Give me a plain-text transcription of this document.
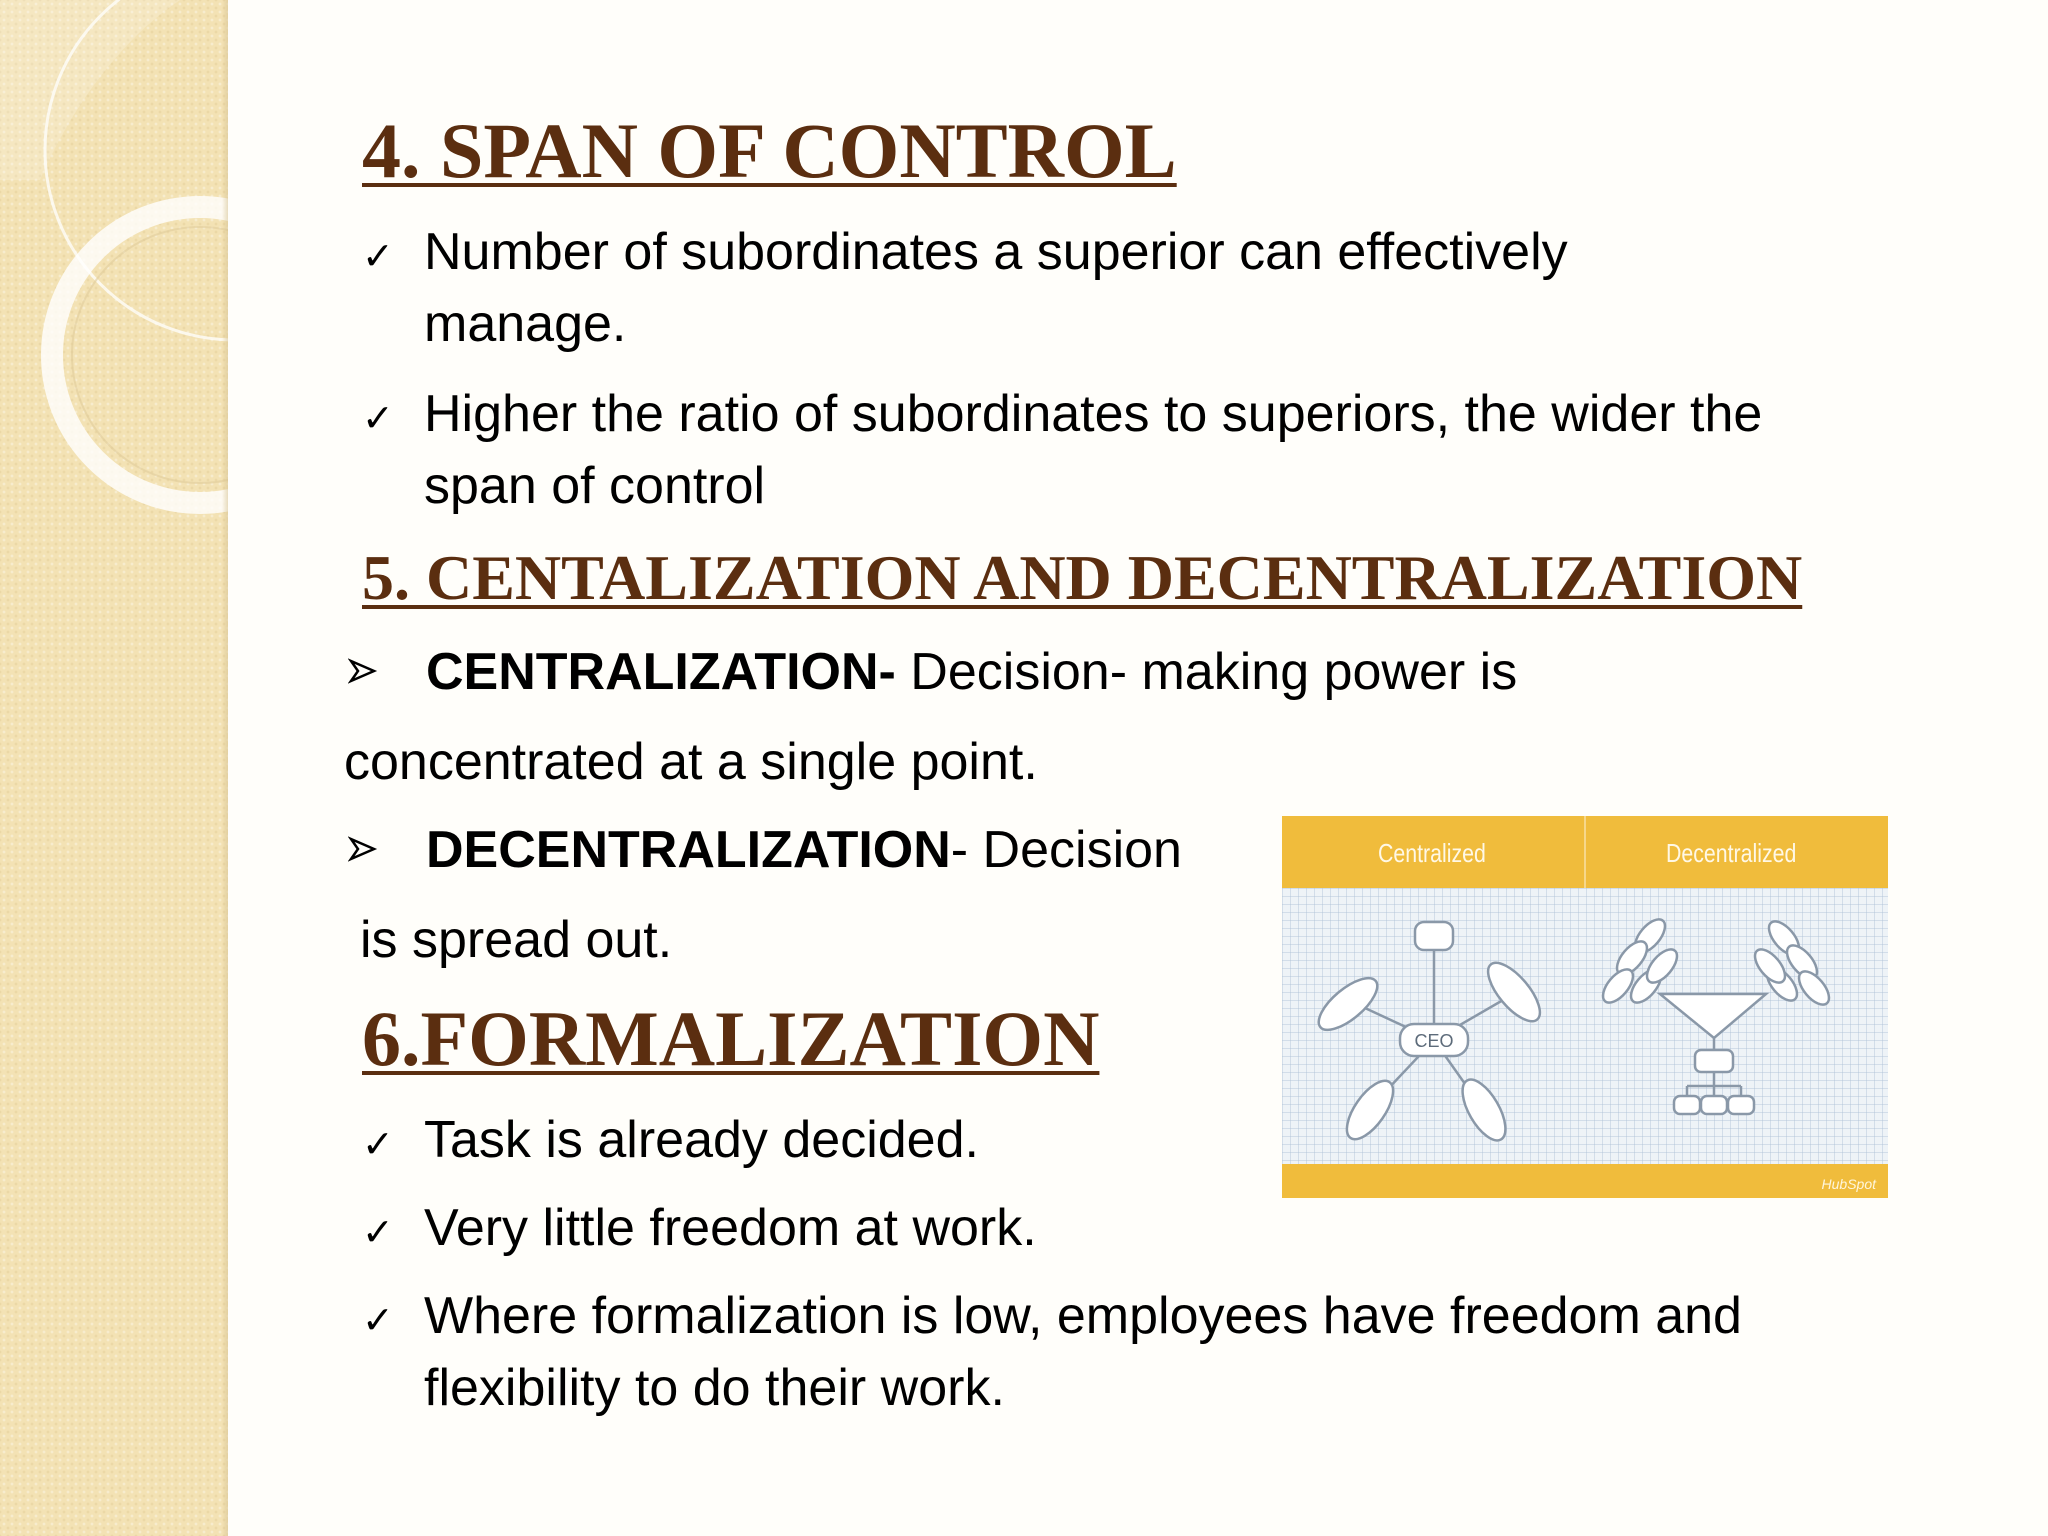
4. SPAN OF CONTROL
✓ Number of subordinates a superior can effectively
manage.
✓ Higher the ratio of subordinates to superiors, the wider the
span of control
5. CENTALIZATION AND DECENTRALIZATION
CENTRALIZATION- Decision- making power is
concentrated at a single point.
DECENTRALIZATION- Decision
is spread out.
6.FORMALIZATION
✓ Task is already decided.
✓ Very little freedom at work.
✓ Where formalization is low, employees have freedom and
flexibility to do their work.
Centralized	Decentralized
CEO
HubSpot
